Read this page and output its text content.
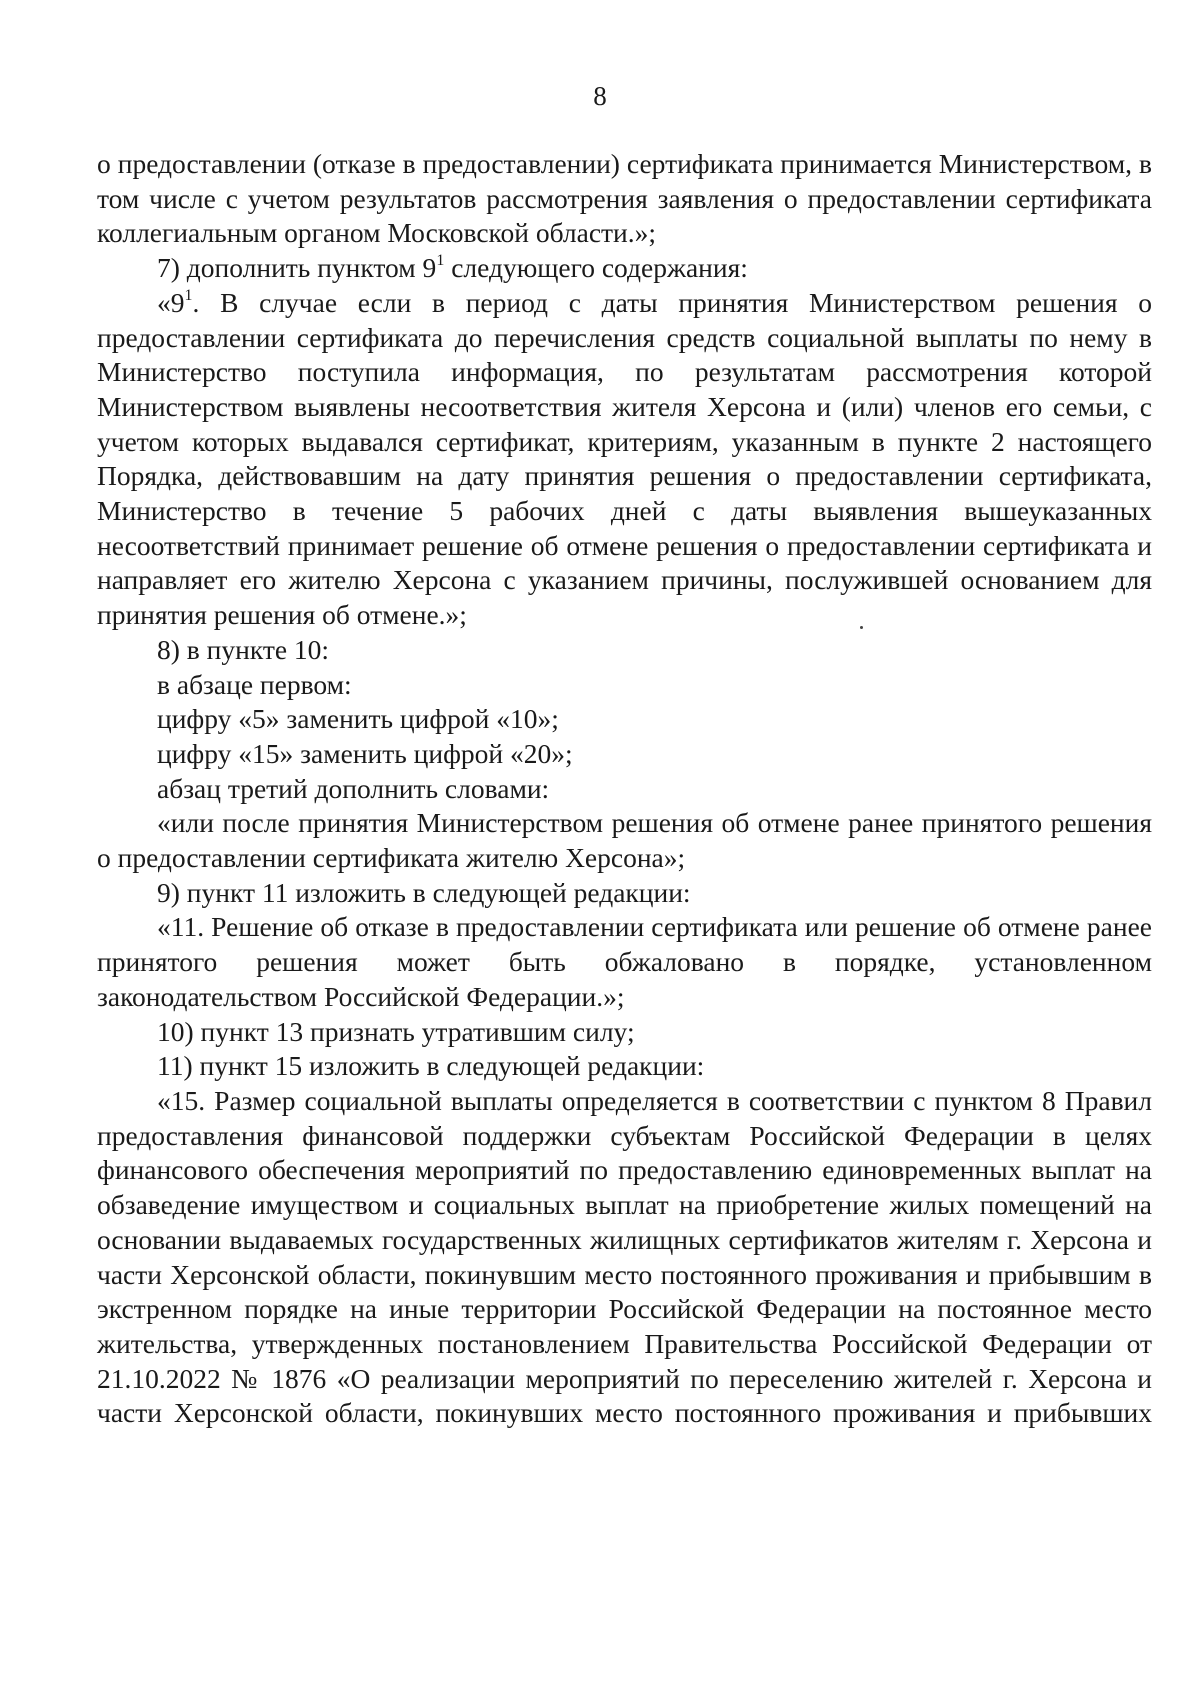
8

о предоставлении (отказе в предоставлении) сертификата принимается Министерством, в том числе с учетом результатов рассмотрения заявления о предоставлении сертификата коллегиальным органом Московской области.»;

7) дополнить пунктом $9^1$ следующего содержания:

«$9^1$. В случае если в период с даты принятия Министерством решения о предоставлении сертификата до перечисления средств социальной выплаты по нему в Министерство поступила информация, по результатам рассмотрения которой Министерством выявлены несоответствия жителя Херсона и (или) членов его семьи, с учетом которых выдавался сертификат, критериям, указанным в пункте 2 настоящего Порядка, действовавшим на дату принятия решения о предоставлении сертификата, Министерство в течение 5 рабочих дней с даты выявления вышеуказанных несоответствий принимает решение об отмене решения о предоставлении сертификата и направляет его жителю Херсона с указанием причины, послужившей основанием для принятия решения об отмене.»;

8) в пункте 10:

в абзаце первом:

цифру «5» заменить цифрой «10»;

цифру «15» заменить цифрой «20»;

абзац третий дополнить словами:

«или после принятия Министерством решения об отмене ранее принятого решения о предоставлении сертификата жителю Херсона»;

9) пункт 11 изложить в следующей редакции:

«11. Решение об отказе в предоставлении сертификата или решение об отмене ранее принятого решения может быть обжаловано в порядке, установленном законодательством Российской Федерации.»;

10) пункт 13 признать утратившим силу;

11) пункт 15 изложить в следующей редакции:

«15. Размер социальной выплаты определяется в соответствии с пунктом 8 Правил предоставления финансовой поддержки субъектам Российской Федерации в целях финансового обеспечения мероприятий по предоставлению единовременных выплат на обзаведение имуществом и социальных выплат на приобретение жилых помещений на основании выдаваемых государственных жилищных сертификатов жителям г. Херсона и части Херсонской области, покинувшим место постоянного проживания и прибывшим в экстренном порядке на иные территории Российской Федерации на постоянное место жительства, утвержденных постановлением Правительства Российской Федерации от 21.10.2022 № 1876 «О реализации мероприятий по переселению жителей г. Херсона и части Херсонской области, покинувших место постоянного проживания и прибывших
